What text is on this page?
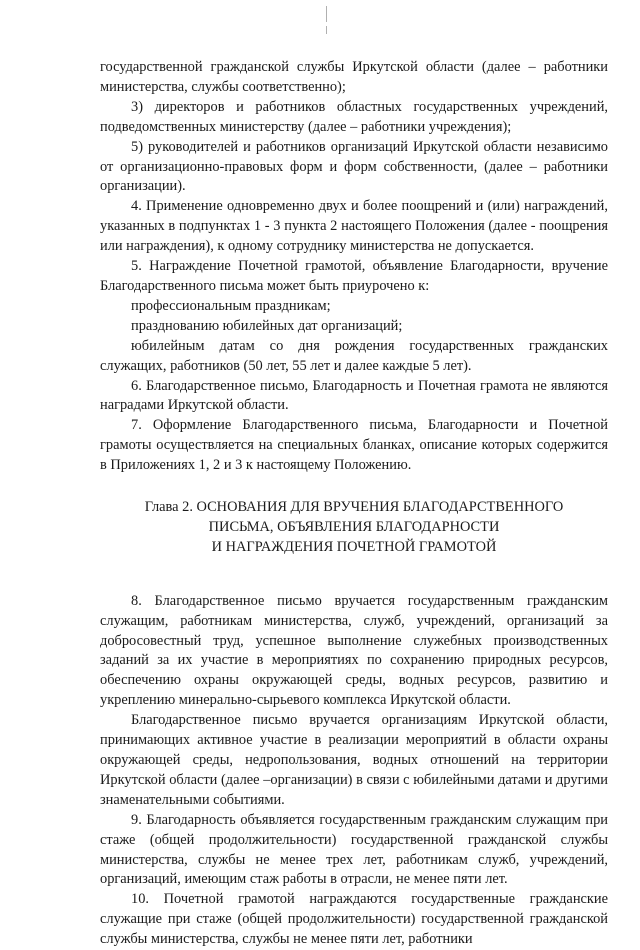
государственной гражданской службы Иркутской области (далее – работники министерства, службы соответственно);

3) директоров и работников областных государственных учреждений, подведомственных министерству (далее – работники учреждения);

5) руководителей и работников организаций Иркутской области независимо от организационно-правовых форм и форм собственности, (далее – работники организации).

4. Применение одновременно двух и более поощрений и (или) награждений, указанных в подпунктах 1 - 3 пункта 2 настоящего Положения (далее - поощрения или награждения), к одному сотруднику министерства не допускается.

5. Награждение Почетной грамотой, объявление Благодарности, вручение Благодарственного письма может быть приурочено к:

профессиональным праздникам;

празднованию юбилейных дат организаций;

юбилейным датам со дня рождения государственных гражданских служащих, работников (50 лет, 55 лет и далее каждые 5 лет).

6. Благодарственное письмо, Благодарность и Почетная грамота не являются наградами Иркутской области.

7. Оформление Благодарственного письма, Благодарности и Почетной грамоты осуществляется на специальных бланках, описание которых содержится в Приложениях 1, 2 и 3 к настоящему Положению.

Глава 2. ОСНОВАНИЯ ДЛЯ ВРУЧЕНИЯ БЛАГОДАРСТВЕННОГО
ПИСЬМА, ОБЪЯВЛЕНИЯ БЛАГОДАРНОСТИ
И НАГРАЖДЕНИЯ ПОЧЕТНОЙ ГРАМОТОЙ

8. Благодарственное письмо вручается государственным гражданским служащим, работникам министерства, служб, учреждений, организаций за добросовестный труд, успешное выполнение служебных производственных заданий за их участие в мероприятиях по сохранению природных ресурсов, обеспечению охраны окружающей среды, водных ресурсов, развитию и укреплению минерально-сырьевого комплекса Иркутской области.

Благодарственное письмо вручается организациям Иркутской области, принимающих активное участие в реализации мероприятий в области охраны окружающей среды, недропользования, водных отношений на территории Иркутской области (далее –организации) в связи с юбилейными датами и другими знаменательными событиями.

9. Благодарность объявляется государственным гражданским служащим при стаже (общей продолжительности) государственной гражданской службы министерства, службы не менее трех лет, работникам служб, учреждений, организаций, имеющим стаж работы в отрасли, не менее пяти лет.

10. Почетной грамотой награждаются государственные гражданские служащие при стаже (общей продолжительности) государственной гражданской службы министерства, службы не менее пяти лет, работники
